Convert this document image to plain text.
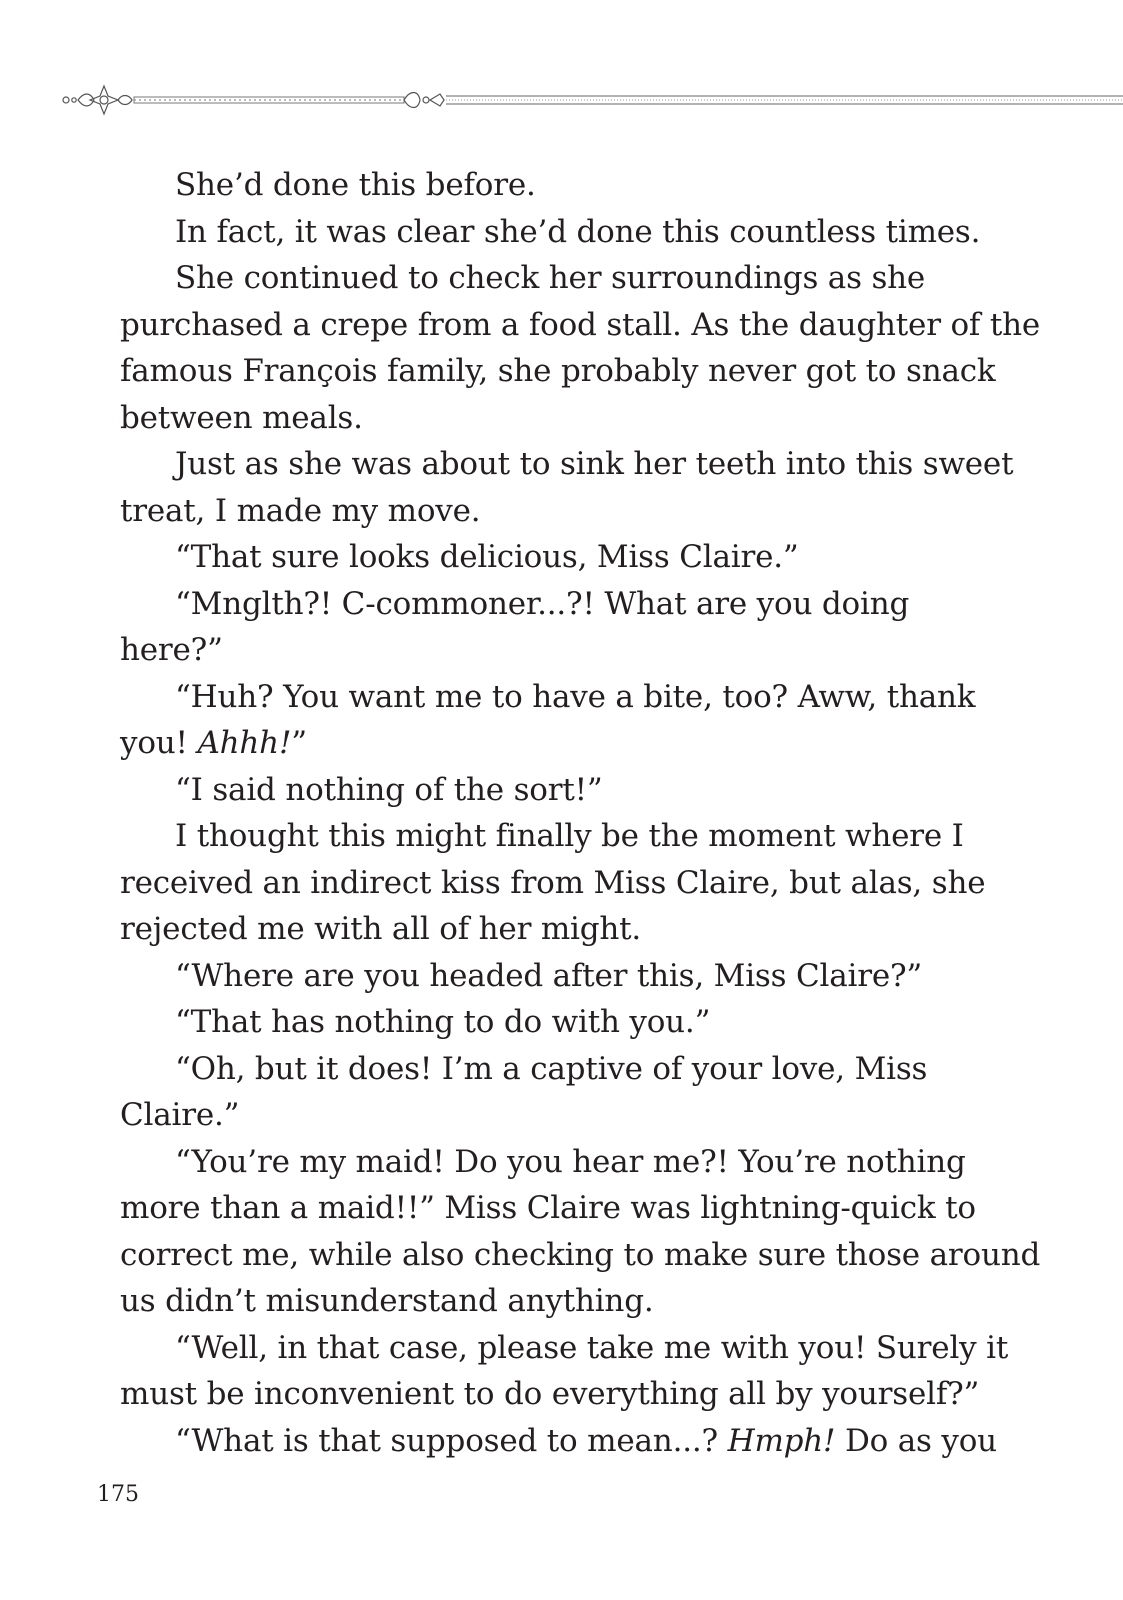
She’d done this before.

In fact, it was clear she’d done this countless times.

She continued to check her surroundings as she

purchased a crepe from a food stall. As the daughter of the

famous François family, she probably never got to snack

between meals.

Just as she was about to sink her teeth into this sweet

treat, I made my move.

“That sure looks delicious, Miss Claire.”

“Mnglth?! C-commoner...?! What are you doing

here?”

“Huh? You want me to have a bite, too? Aww, thank

you! Ahhh!”

“I said nothing of the sort!”

I thought this might finally be the moment where I

received an indirect kiss from Miss Claire, but alas, she

rejected me with all of her might.

“Where are you headed after this, Miss Claire?”

“That has nothing to do with you.”

“Oh, but it does! I’m a captive of your love, Miss

Claire.”

“You’re my maid! Do you hear me?! You’re nothing

more than a maid!!” Miss Claire was lightning-quick to

correct me, while also checking to make sure those around

us didn’t misunderstand anything.

“Well, in that case, please take me with you! Surely it

must be inconvenient to do everything all by yourself?”

“What is that supposed to mean...? Hmph! Do as you

175
